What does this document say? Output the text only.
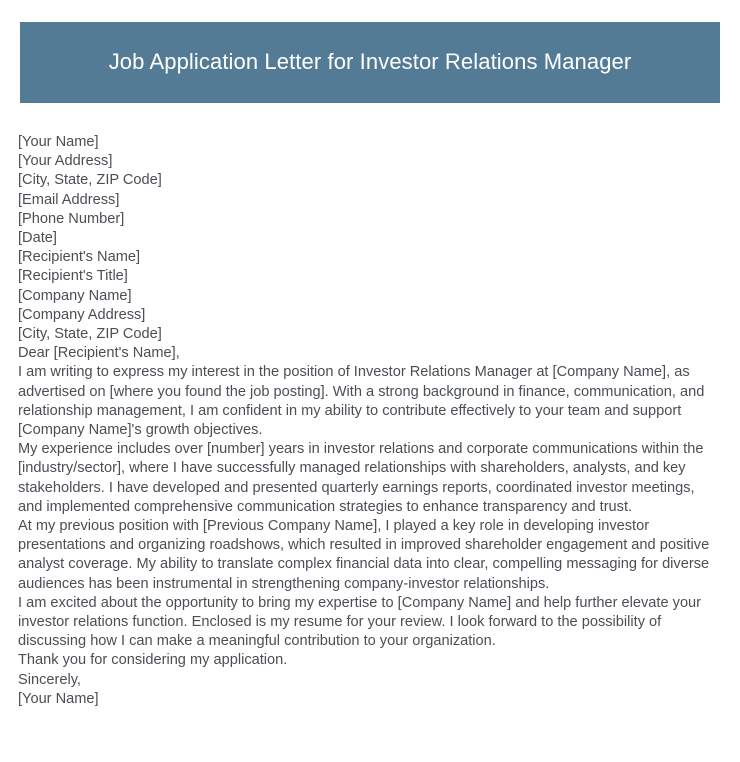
Job Application Letter for Investor Relations Manager
[Your Name]
[Your Address]
[City, State, ZIP Code]
[Email Address]
[Phone Number]
[Date]
[Recipient's Name]
[Recipient's Title]
[Company Name]
[Company Address]
[City, State, ZIP Code]
Dear [Recipient's Name],

I am writing to express my interest in the position of Investor Relations Manager at [Company Name], as advertised on [where you found the job posting]. With a strong background in finance, communication, and relationship management, I am confident in my ability to contribute effectively to your team and support [Company Name]'s growth objectives.

My experience includes over [number] years in investor relations and corporate communications within the [industry/sector], where I have successfully managed relationships with shareholders, analysts, and key stakeholders. I have developed and presented quarterly earnings reports, coordinated investor meetings, and implemented comprehensive communication strategies to enhance transparency and trust.

At my previous position with [Previous Company Name], I played a key role in developing investor presentations and organizing roadshows, which resulted in improved shareholder engagement and positive analyst coverage. My ability to translate complex financial data into clear, compelling messaging for diverse audiences has been instrumental in strengthening company-investor relationships.

I am excited about the opportunity to bring my expertise to [Company Name] and help further elevate your investor relations function. Enclosed is my resume for your review. I look forward to the possibility of discussing how I can make a meaningful contribution to your organization.

Thank you for considering my application.

Sincerely,
[Your Name]
